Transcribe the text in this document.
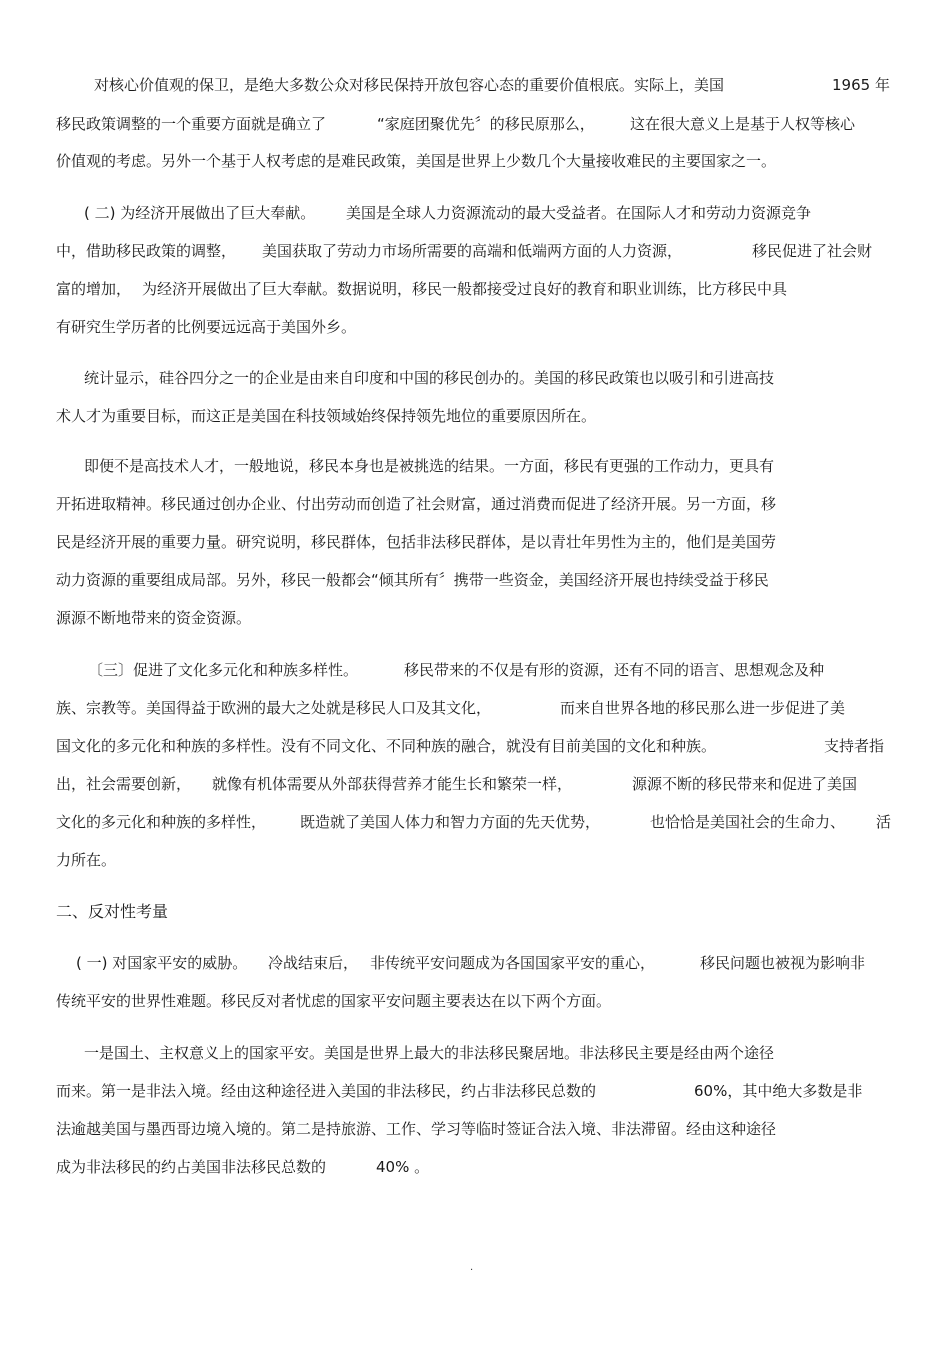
对核心价值观的保卫，是绝大多数公众对移民保持开放包容心态的重要价值根底。实际上，美国	1965 年
移民政策调整的一个重要方面就是确立了	“家庭团聚优先〞的移民原那么， 这在很大意义上是基于人权等核心
价值观的考虑。另外一个基于人权考虑的是难民政策，美国是世界上少数几个大量接收难民的主要国家之一。
( 二) 为经济开展做出了巨大奉献。 美国是全球人力资源流动的最大受益者。在国际人才和劳动力资源竞争
中，借助移民政策的调整， 美国获取了劳动力市场所需要的高端和低端两方面的人力资源，	移民促进了社会财
富的增加， 为经济开展做出了巨大奉献。数据说明，移民一般都接受过良好的教育和职业训练，比方移民中具
有研究生学历者的比例要远远高于美国外乡。
统计显示，硅谷四分之一的企业是由来自印度和中国的移民创办的。美国的移民政策也以吸引和引进高技
术人才为重要目标，而这正是美国在科技领域始终保持领先地位的重要原因所在。
即便不是高技术人才，一般地说，移民本身也是被挑选的结果。一方面，移民有更强的工作动力，更具有
开拓进取精神。移民通过创办企业、付出劳动而创造了社会财富，通过消费而促进了经济开展。另一方面，移
民是经济开展的重要力量。研究说明，移民群体，包括非法移民群体，是以青壮年男性为主的，他们是美国劳
动力资源的重要组成局部。另外，移民一般都会“倾其所有〞携带一些资金，美国经济开展也持续受益于移民
源源不断地带来的资金资源。
〔三〕促进了文化多元化和种族多样性。	移民带来的不仅是有形的资源，还有不同的语言、思想观念及种
族、宗教等。美国得益于欧洲的最大之处就是移民人口及其文化，	而来自世界各地的移民那么进一步促进了美
国文化的多元化和种族的多样性。没有不同文化、不同种族的融合，就没有目前美国的文化和种族。	支持者指
出，社会需要创新， 就像有机体需要从外部获得营养才能生长和繁荣一样，	源源不断的移民带来和促进了美国
文化的多元化和种族的多样性， 既造就了美国人体力和智力方面的先天优势，	也恰恰是美国社会的生命力、 活
力所在。
二、反对性考量
( 一) 对国家平安的威胁。 冷战结束后， 非传统平安问题成为各国国家平安的重心，	移民问题也被视为影响非
传统平安的世界性难题。移民反对者忧虑的国家平安问题主要表达在以下两个方面。
一是国土、主权意义上的国家平安。美国是世界上最大的非法移民聚居地。非法移民主要是经由两个途径
而来。第一是非法入境。经由这种途径进入美国的非法移民，约占非法移民总数的	60%，其中绝大多数是非
法逾越美国与墨西哥边境入境的。第二是持旅游、工作、学习等临时签证合法入境、非法滞留。经由这种途径
成为非法移民的约占美国非法移民总数的	40% 。
.
